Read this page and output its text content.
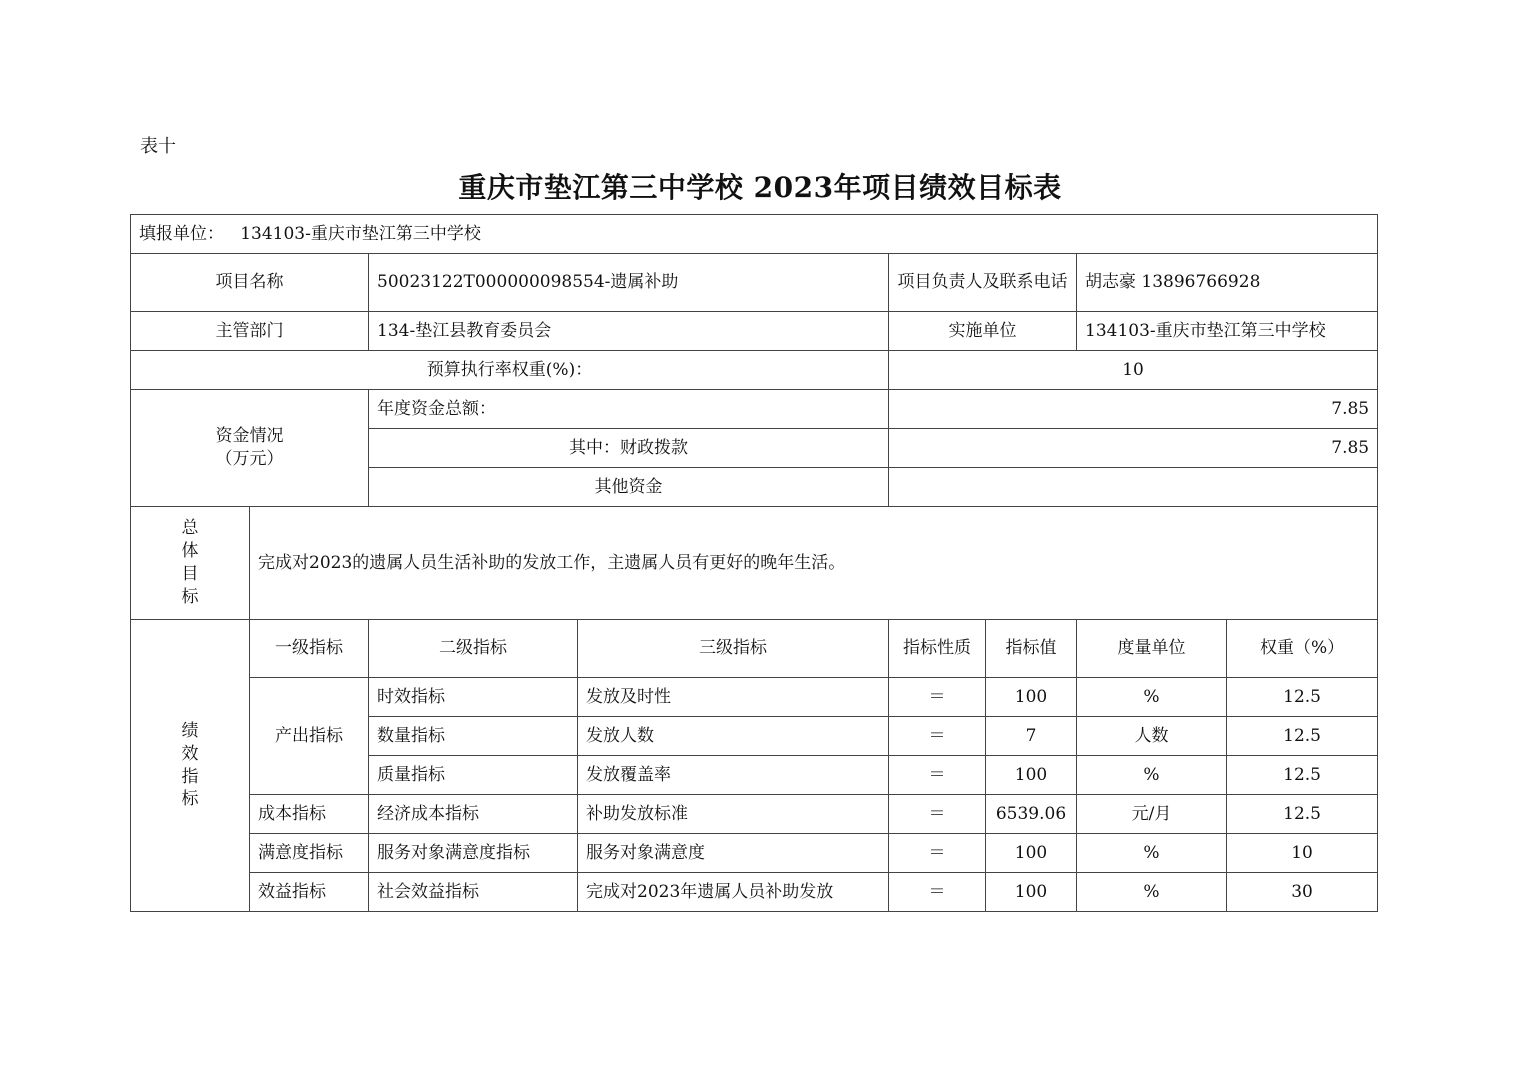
表十
重庆市垫江第三中学校 2023年项目绩效目标表
填报单位： 134103-重庆市垫江第三中学校							
项目名称		50023122T000000098554-遗属补助		项目负责人及联系电话		胡志豪 13896766928	
主管部门		134-垫江县教育委员会		实施单位		134103-重庆市垫江第三中学校	
预算执行率权重(%)：				10			
资金情况
（万元）		年度资金总额：		7.85			
		其中：财政拨款		7.85			
		其他资金					

总
体
目
标	完成对2023的遗属人员生活补助的发放工作，主遗属人员有更好的晚年生活。						

绩
效
指
标	一级指标	二级指标	三级指标	指标性质	指标值	度量单位	权重（%）
	产出指标	时效指标	发放及时性	＝	100	%	12.5
		数量指标	发放人数	＝	7	人数	12.5
		质量指标	发放覆盖率	＝	100	%	12.5
	成本指标	经济成本指标	补助发放标准	＝	6539.06	元/月	12.5
	满意度指标	服务对象满意度指标	服务对象满意度	＝	100	%	10
	效益指标	社会效益指标	完成对2023年遗属人员补助发放	＝	100	%	30
